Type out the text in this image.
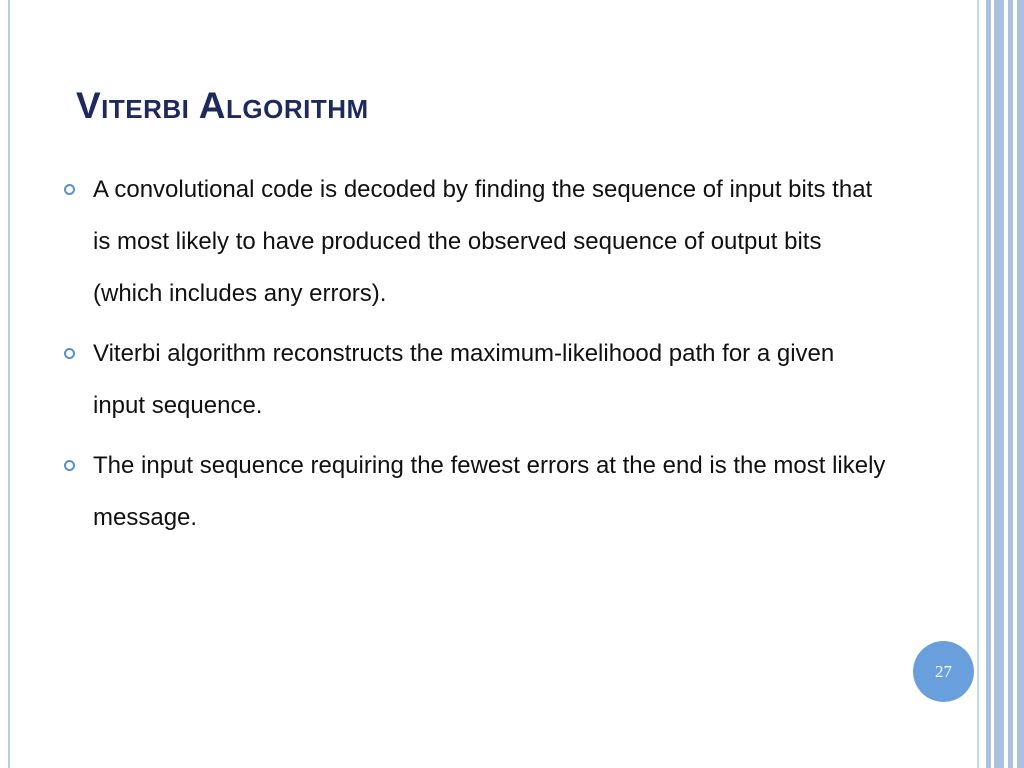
Viterbi Algorithm
A convolutional code is decoded by finding the sequence of input bits that is most likely to have produced the observed sequence of output bits (which includes any errors).
Viterbi algorithm reconstructs the maximum-likelihood path for a given input sequence.
The input sequence requiring the fewest errors at the end is the most likely message.
27
